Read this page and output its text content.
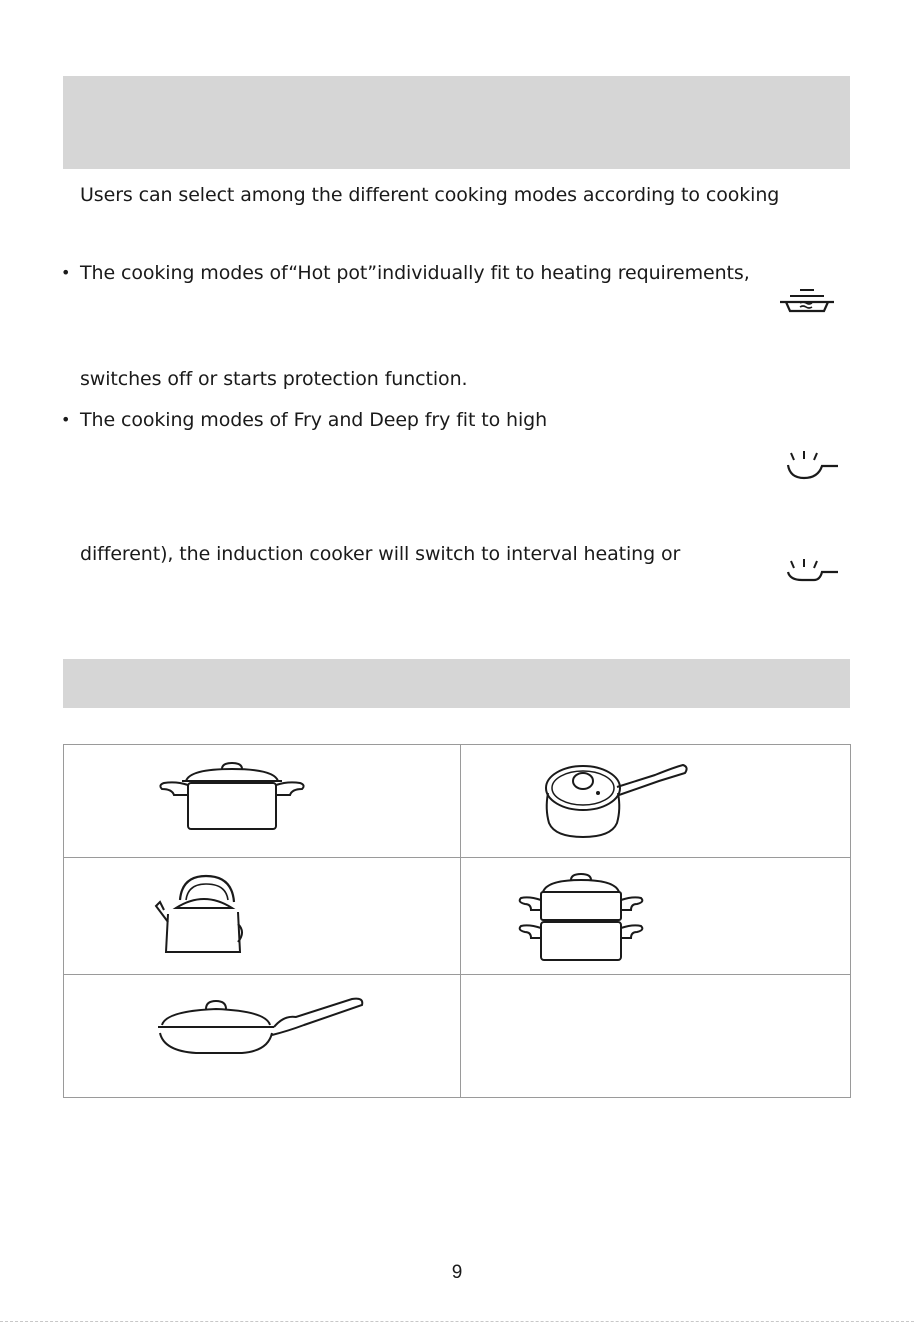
Users can select among the different cooking modes according to cooking
• The cooking modes of“Hot pot”individually fit to heating requirements,
switches off or starts protection function.
• The cooking modes of Fry and Deep fry fit to high
different), the induction cooker will switch to interval heating or

9
